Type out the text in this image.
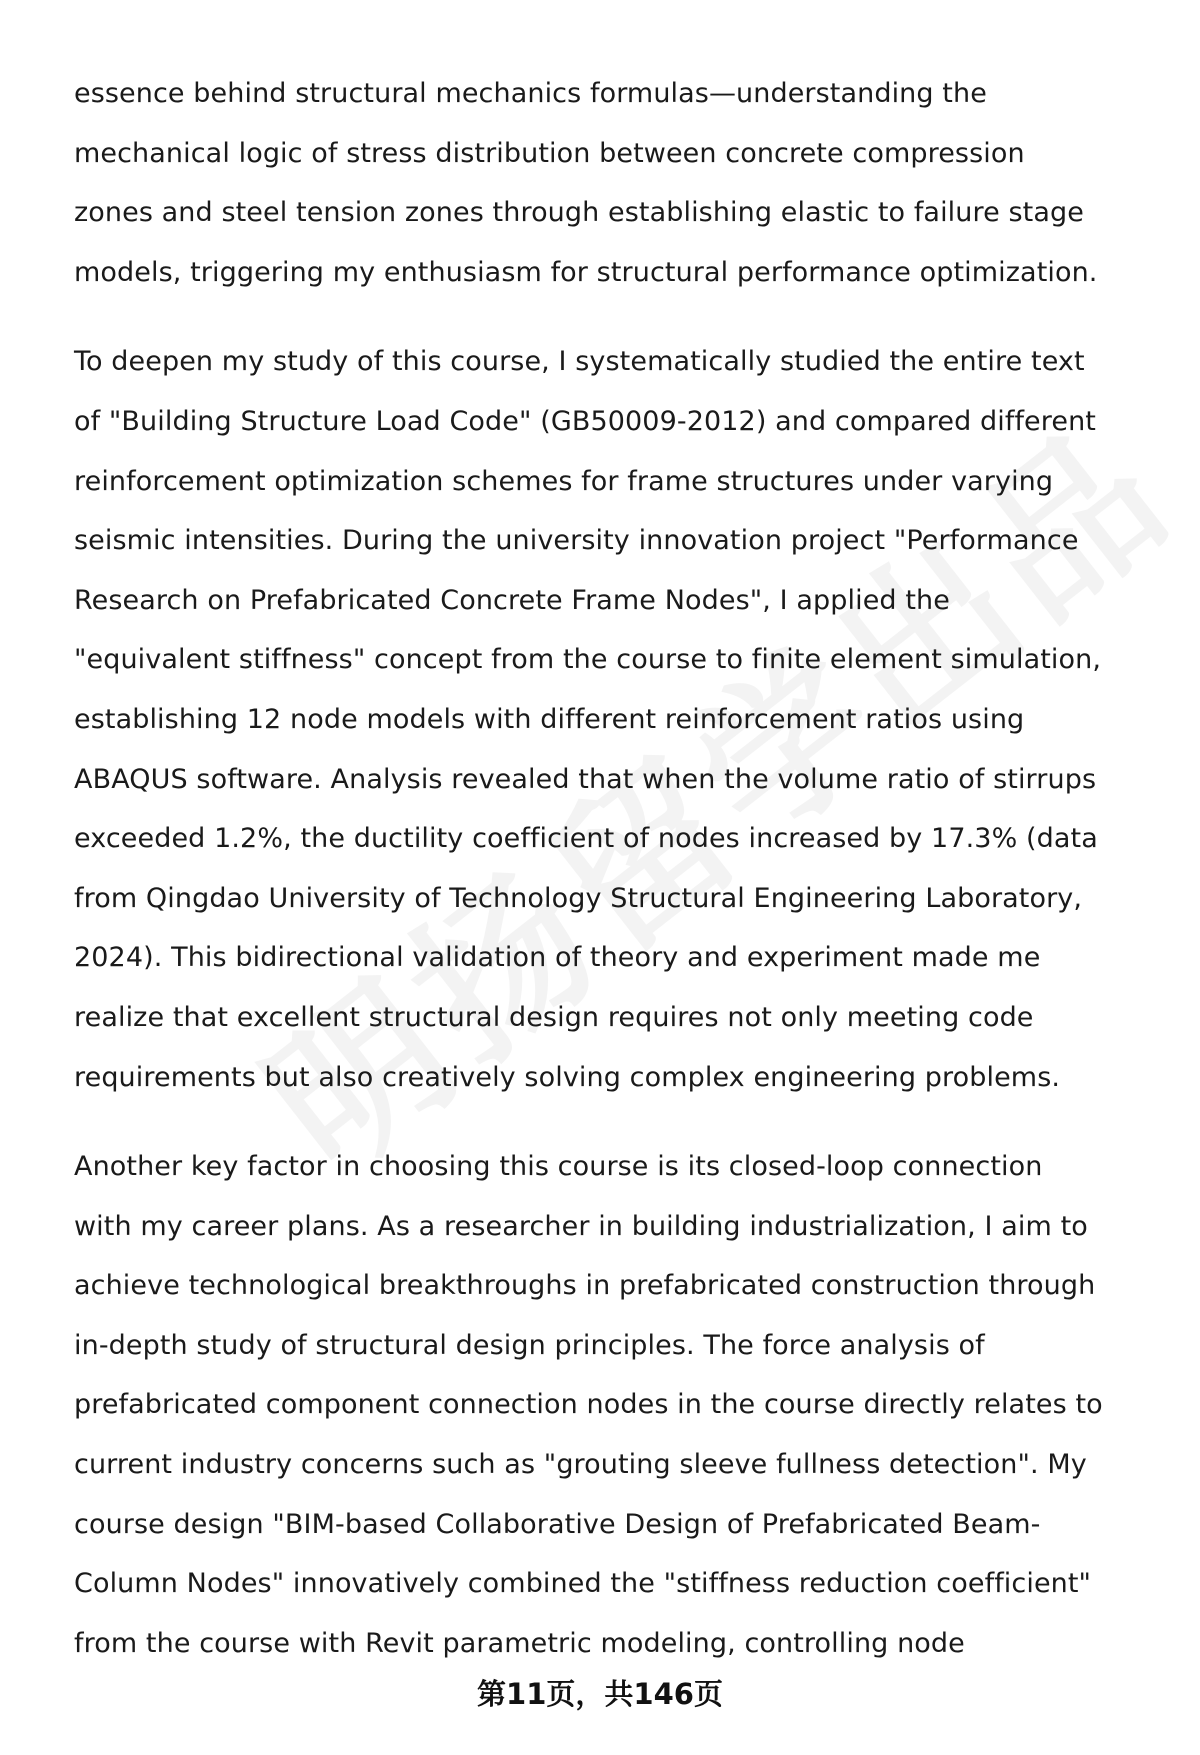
essence behind structural mechanics formulas—understanding the
mechanical logic of stress distribution between concrete compression
zones and steel tension zones through establishing elastic to failure stage
models, triggering my enthusiasm for structural performance optimization.

To deepen my study of this course, I systematically studied the entire text
of "Building Structure Load Code" (GB50009-2012) and compared different
reinforcement optimization schemes for frame structures under varying
seismic intensities. During the university innovation project "Performance
Research on Prefabricated Concrete Frame Nodes", I applied the
"equivalent stiffness" concept from the course to finite element simulation,
establishing 12 node models with different reinforcement ratios using
ABAQUS software. Analysis revealed that when the volume ratio of stirrups
exceeded 1.2%, the ductility coefficient of nodes increased by 17.3% (data
from Qingdao University of Technology Structural Engineering Laboratory,
2024). This bidirectional validation of theory and experiment made me
realize that excellent structural design requires not only meeting code
requirements but also creatively solving complex engineering problems.

Another key factor in choosing this course is its closed-loop connection
with my career plans. As a researcher in building industrialization, I aim to
achieve technological breakthroughs in prefabricated construction through
in-depth study of structural design principles. The force analysis of
prefabricated component connection nodes in the course directly relates to
current industry concerns such as "grouting sleeve fullness detection". My
course design "BIM-based Collaborative Design of Prefabricated Beam-
Column Nodes" innovatively combined the "stiffness reduction coefficient"
from the course with Revit parametric modeling, controlling node

第11页，共146页
